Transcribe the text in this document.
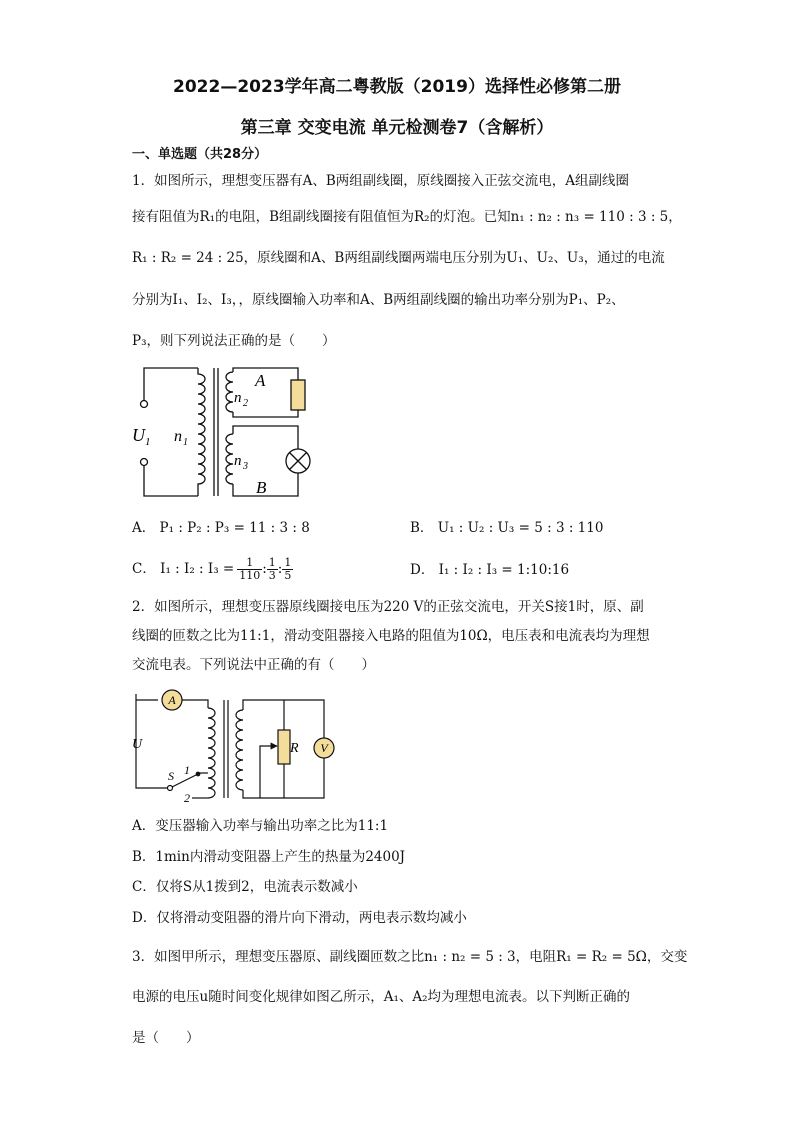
2022—2023学年高二粤教版（2019）选择性必修第二册
第三章 交变电流 单元检测卷7（含解析）
一、单选题（共28分）
1．如图所示，理想变压器有A、B两组副线圈，原线圈接入正弦交流电，A组副线圈
接有阻值为R₁的电阻，B组副线圈接有阻值恒为R₂的灯泡。已知n₁ : n₂ : n₃ = 110 : 3 : 5，
R₁ : R₂ = 24 : 25，原线圈和A、B两组副线圈两端电压分别为U₁、U₂、U₃，通过的电流
分别为I₁、I₂、I₃，，原线圈输入功率和A、B两组副线圈的输出功率分别为P₁、P₂、
P₃，则下列说法正确的是（　　）
A
n 2
U 1 n 1
n 3
B
A． P₁ : P₂ : P₃ = 11 : 3 : 8	B． U₁ : U₂ : U₃ = 5 : 3 : 110
C． I₁ : I₂ : $I_3 = \frac{1}{110}$ : $\frac{1}{3}$ : $\frac{1}{5}$	D． I₁ : I₂ : I₃ = 1:10:16
2．如图所示，理想变压器原线圈接电压为220 V的正弦交流电，开关S接1时，原、副
线圈的匝数之比为11:1，滑动变阻器接入电路的阻值为10Ω，电压表和电流表均为理想
交流电表。下列说法中正确的有（　　）
A
V
U	R
S 1
2
A．变压器输入功率与输出功率之比为11:1
B．1min内滑动变阻器上产生的热量为2400J
C．仅将S从1拨到2，电流表示数减小
D．仅将滑动变阻器的滑片向下滑动，两电表示数均减小
3．如图甲所示，理想变压器原、副线圈匝数之比n₁ : n₂ = 5 : 3，电阻R₁ = R₂ = 5Ω，交变
电源的电压u随时间变化规律如图乙所示，A₁、A₂均为理想电流表。以下判断正确的
是（　　）
